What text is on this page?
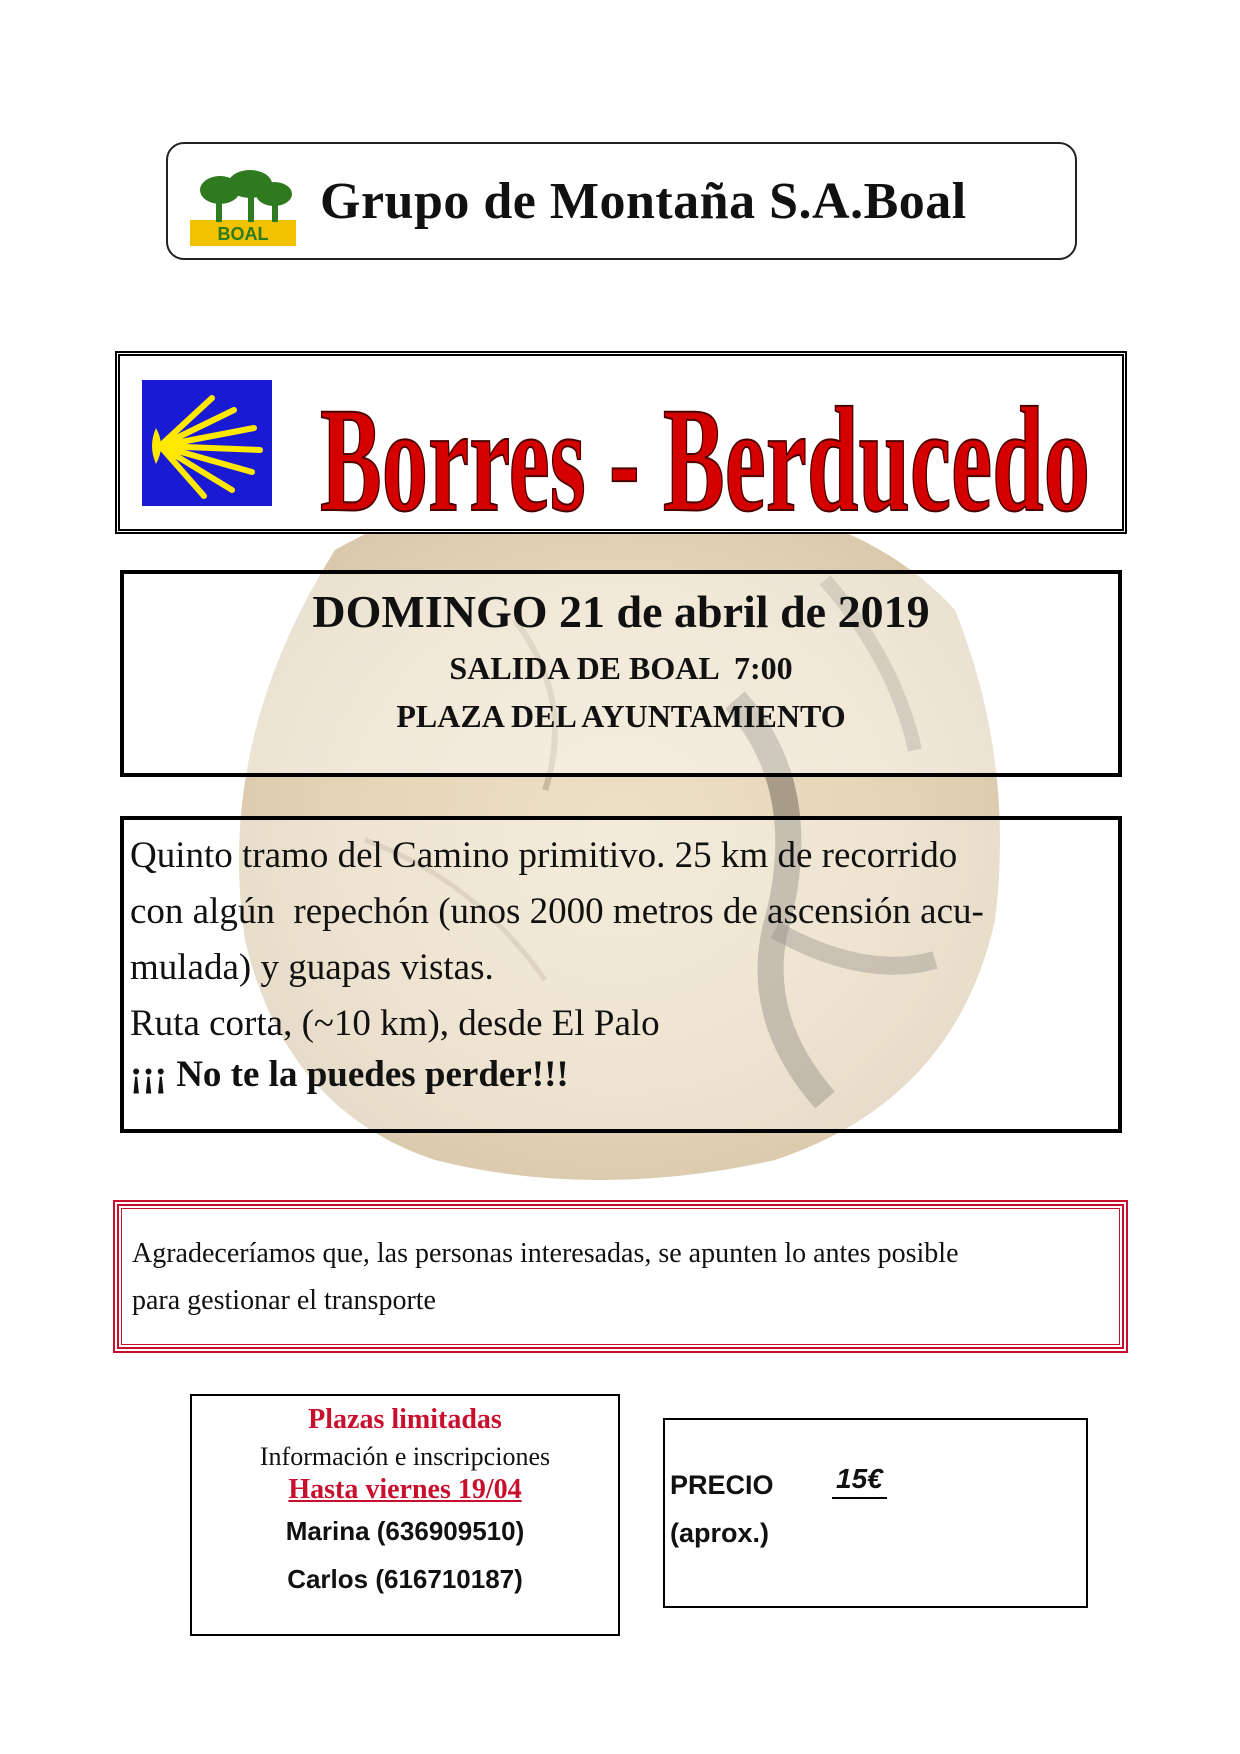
BOAL
Grupo de Montaña S.A.Boal
Borres - Berducedo
DOMINGO 21 de abril de 2019
SALIDA DE BOAL  7:00
PLAZA DEL AYUNTAMIENTO

Quinto tramo del Camino primitivo. 25 km de recorrido

con algún  repechón (unos 2000 metros de ascensión acu-

mulada) y guapas vistas.

Ruta corta, (~10 km), desde El Palo

¡¡¡ No te la puedes perder!!!
Agradeceríamos que, las personas interesadas, se apunten lo antes posible
para gestionar el transporte
Plazas limitadas
Información e inscripciones
Hasta viernes 19/04
Marina (636909510)
Carlos (616710187)
PRECIO
(aprox.)
15€
